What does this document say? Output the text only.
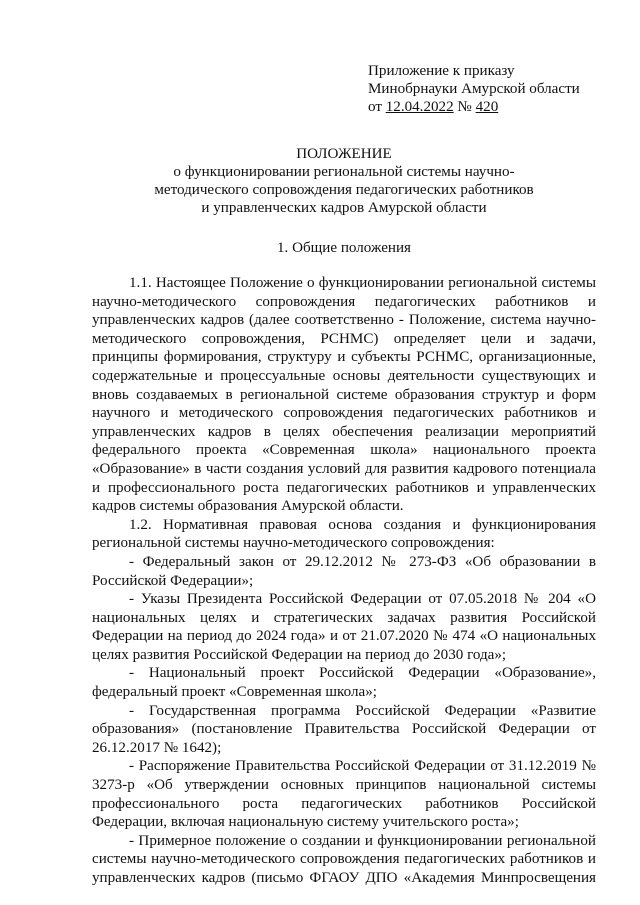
Приложение к приказу
Минобрнауки Амурской области
от 12.04.2022 № 420
ПОЛОЖЕНИЕ
о функционировании региональной системы научно-
методического сопровождения педагогических работников
и управленческих кадров Амурской области
1. Общие положения

1.1. Настоящее Положение о функционировании региональной системы научно-методического сопровождения педагогических работников и управленческих кадров (далее соответственно - Положение, система научно-методического сопровождения, РСНМС) определяет цели и задачи, принципы формирования, структуру и субъекты РСНМС, организационные, содержательные и процессуальные основы деятельности существующих и вновь создаваемых в региональной системе образования структур и форм научного и методического сопровождения педагогических работников и управленческих кадров в целях обеспечения реализации мероприятий федерального проекта «Современная школа» национального проекта «Образование» в части создания условий для развития кадрового потенциала и профессионального роста педагогических работников и управленческих кадров системы образования Амурской области.

1.2. Нормативная правовая основа создания и функционирования региональной системы научно-методического сопровождения:

- Федеральный закон от 29.12.2012 № 273-ФЗ «Об образовании в Российской Федерации»;

- Указы Президента Российской Федерации от 07.05.2018 № 204 «О национальных целях и стратегических задачах развития Российской Федерации на период до 2024 года» и от 21.07.2020 № 474 «О национальных целях развития Российской Федерации на период до 2030 года»;

- Национальный проект Российской Федерации «Образование», федеральный проект «Современная школа»;

- Государственная программа Российской Федерации «Развитие образования» (постановление Правительства Российской Федерации от 26.12.2017 № 1642);

- Распоряжение Правительства Российской Федерации от 31.12.2019 № 3273-р «Об утверждении основных принципов национальной системы профессионального роста педагогических работников Российской Федерации, включая национальную систему учительского роста»;

- Примерное положение о создании и функционировании региональной системы научно-методического сопровождения педагогических работников и управленческих кадров (письмо ФГАОУ ДПО «Академия Минпросвещения
